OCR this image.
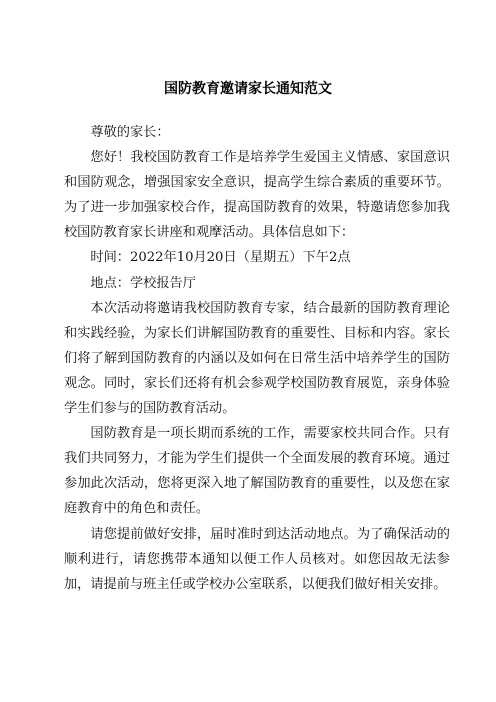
国防教育邀请家长通知范文

尊敬的家长：

您好！我校国防教育工作是培养学生爱国主义情感、家国意识和国防观念，增强国家安全意识，提高学生综合素质的重要环节。为了进一步加强家校合作，提高国防教育的效果，特邀请您参加我校国防教育家长讲座和观摩活动。具体信息如下：

时间：2022年10月20日（星期五）下午2点

地点：学校报告厅

本次活动将邀请我校国防教育专家，结合最新的国防教育理论和实践经验，为家长们讲解国防教育的重要性、目标和内容。家长们将了解到国防教育的内涵以及如何在日常生活中培养学生的国防观念。同时，家长们还将有机会参观学校国防教育展览，亲身体验学生们参与的国防教育活动。

国防教育是一项长期而系统的工作，需要家校共同合作。只有我们共同努力，才能为学生们提供一个全面发展的教育环境。通过参加此次活动，您将更深入地了解国防教育的重要性，以及您在家庭教育中的角色和责任。

请您提前做好安排，届时准时到达活动地点。为了确保活动的顺利进行，请您携带本通知以便工作人员核对。如您因故无法参加，请提前与班主任或学校办公室联系，以便我们做好相关安排。
